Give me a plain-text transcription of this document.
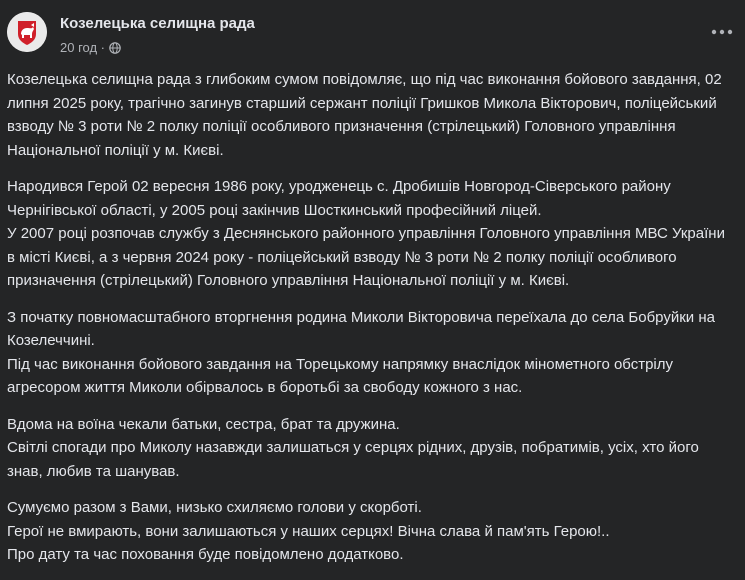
Козелецька селищна рада
20 год ·

Козелецька селищна рада з глибоким сумом повідомляє, що під час виконання бойового завдання, 02 липня 2025 року, трагічно загинув старший сержант поліції Гришков Микола Вікторович, поліцейський взводу № 3 роти № 2 полку поліції особливого призначення (стрілецький) Головного управління Національної поліції у м. Києві.

Народився Герой 02 вересня 1986 року, уродженець с. Дробишів Новгород-Сіверського району Чернігівської області, у 2005 році закінчив Шосткинський професійний ліцей.
У 2007 році розпочав службу з Деснянського районного управління Головного управління МВС України в місті Києві, а з червня 2024 року - поліцейський взводу № 3 роти № 2 полку поліції особливого призначення (стрілецький) Головного управління Національної поліції у м. Києві.

З початку повномасштабного вторгнення родина Миколи Вікторовича переїхала до села Бобруйки на Козелеччині.
Під час виконання бойового завдання на Торецькому напрямку внаслідок мінометного обстрілу агресором життя Миколи обірвалось в боротьбі за свободу кожного з нас.

Вдома на воїна чекали батьки, сестра, брат та дружина.
Світлі спогади про Миколу назавжди залишаться у серцях рідних, друзів, побратимів, усіх, хто його знав, любив та шанував.

Сумуємо разом з Вами, низько схиляємо голови у скорботі.
Герої не вмирають, вони залишаються у наших серцях! Вічна слава й пам'ять Герою!..
Про дату та час поховання буде повідомлено додатково.
